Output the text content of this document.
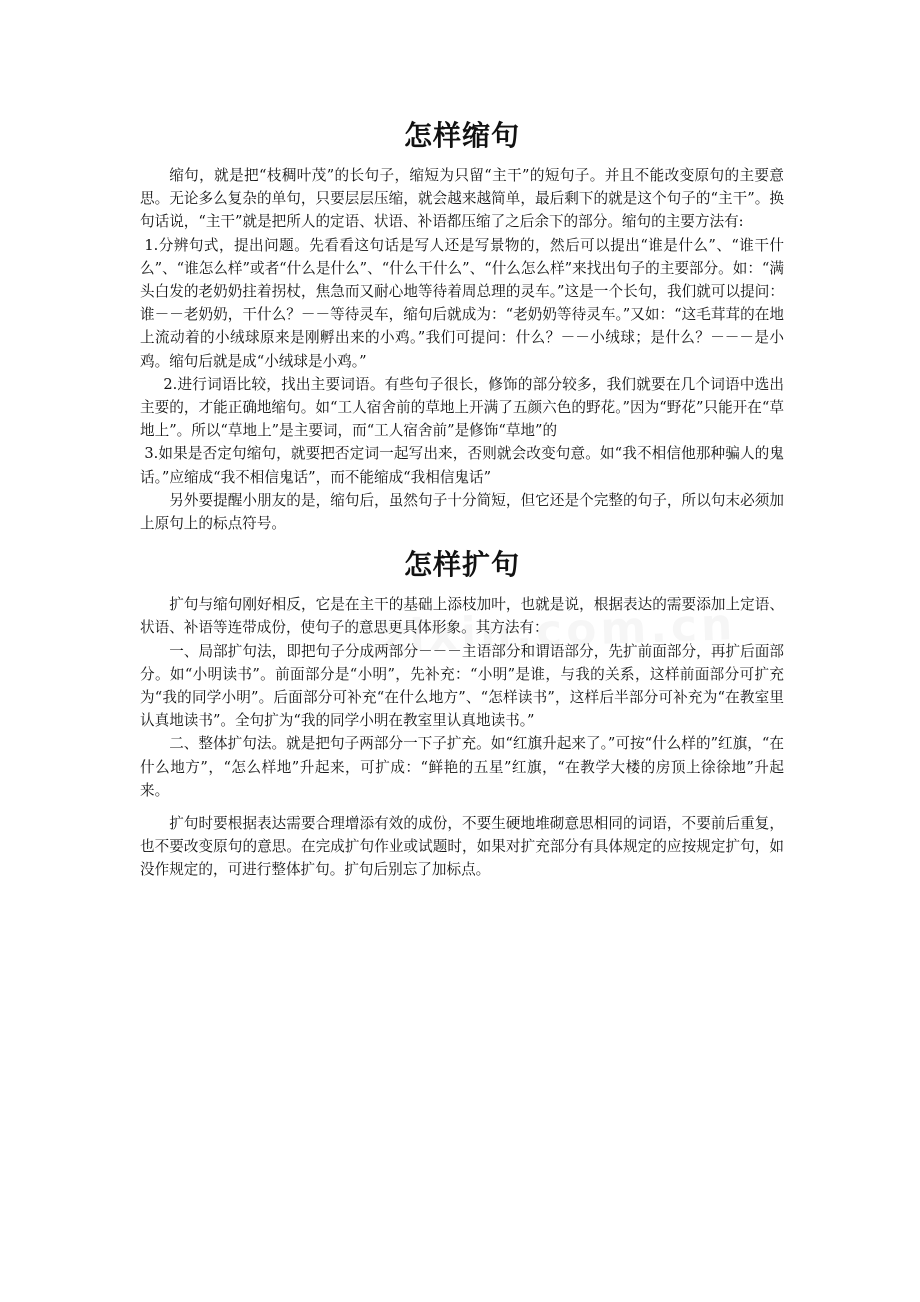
怎样缩句

缩句，就是把“枝稠叶茂”的长句子，缩短为只留“主干”的短句子。并且不能改变原句的主要意思。无论多么复杂的单句，只要层层压缩，就会越来越简单，最后剩下的就是这个句子的“主干”。换句话说，“主干”就是把所人的定语、状语、补语都压缩了之后余下的部分。缩句的主要方法有:

1.分辨句式，提出问题。先看看这句话是写人还是写景物的，然后可以提出“谁是什么”、“谁干什么”、“谁怎么样”或者“什么是什么”、“什么干什么”、“什么怎么样”来找出句子的主要部分。如：“满头白发的老奶奶拄着拐杖，焦急而又耐心地等待着周总理的灵车。”这是一个长句，我们就可以提问：谁－－老奶奶，干什么？－－等待灵车，缩句后就成为：“老奶奶等待灵车。”又如：“这毛茸茸的在地上流动着的小绒球原来是刚孵出来的小鸡。”我们可提问：什么？－－小绒球；是什么？－－－是小鸡。缩句后就是成“小绒球是小鸡。”

2.进行词语比较，找出主要词语。有些句子很长，修饰的部分较多，我们就要在几个词语中选出主要的，才能正确地缩句。如“工人宿舍前的草地上开满了五颜六色的野花。”因为“野花”只能开在“草地上”。所以“草地上”是主要词，而“工人宿舍前”是修饰“草地”的

3.如果是否定句缩句，就要把否定词一起写出来，否则就会改变句意。如“我不相信他那种骗人的鬼话。”应缩成“我不相信鬼话”，而不能缩成“我相信鬼话”

另外要提醒小朋友的是，缩句后，虽然句子十分简短，但它还是个完整的句子，所以句末必须加上原句上的标点符号。

怎样扩句

扩句与缩句刚好相反，它是在主干的基础上添枝加叶，也就是说，根据表达的需要添加上定语、状语、补语等连带成份，使句子的意思更具体形象。其方法有：

一、局部扩句法，即把句子分成两部分－－－主语部分和谓语部分，先扩前面部分，再扩后面部分。如“小明读书”。前面部分是“小明”，先补充：“小明”是谁，与我的关系，这样前面部分可扩充为“我的同学小明”。后面部分可补充“在什么地方”、“怎样读书”，这样后半部分可补充为“在教室里认真地读书”。全句扩为“我的同学小明在教室里认真地读书。”

二、整体扩句法。就是把句子两部分一下子扩充。如“红旗升起来了。”可按“什么样的”红旗，“在什么地方”，“怎么样地”升起来，可扩成：“鲜艳的五星”红旗，“在教学大楼的房顶上徐徐地”升起来。

扩句时要根据表达需要合理增添有效的成份，不要生硬地堆砌意思相同的词语，不要前后重复，也不要改变原句的意思。在完成扩句作业或试题时，如果对扩充部分有具体规定的应按规定扩句，如没作规定的，可进行整体扩句。扩句后别忘了加标点。
